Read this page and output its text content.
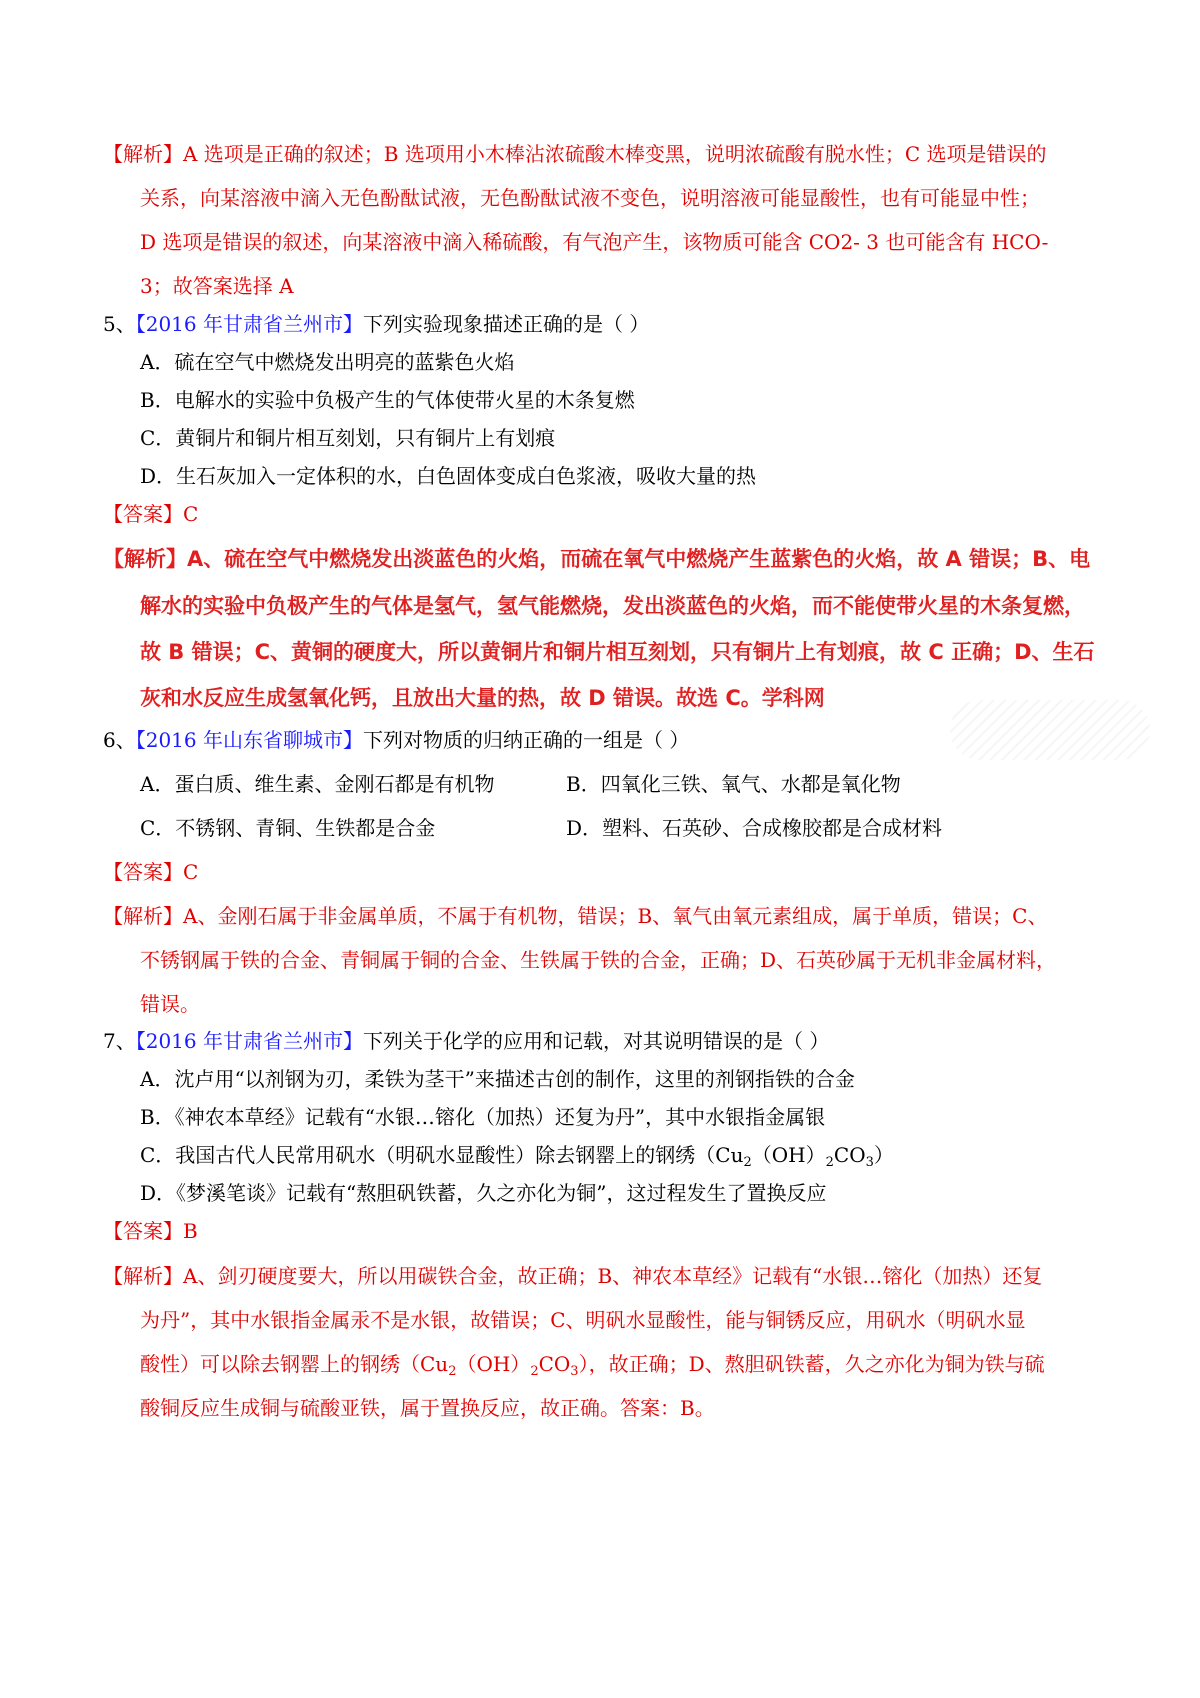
【解析】A 选项是正确的叙述；B 选项用小木棒沾浓硫酸木棒变黑，说明浓硫酸有脱水性；C 选项是错误的
关系，向某溶液中滴入无色酚酞试液，无色酚酞试液不变色，说明溶液可能显酸性，也有可能显中性；
D 选项是错误的叙述，向某溶液中滴入稀硫酸，有气泡产生，该物质可能含 CO2- 3 也可能含有 HCO-
3；故答案选择 A
5、【2016 年甘肃省兰州市】下列实验现象描述正确的是（ ）
A．硫在空气中燃烧发出明亮的蓝紫色火焰
B．电解水的实验中负极产生的气体使带火星的木条复燃
C．黄铜片和铜片相互刻划，只有铜片上有划痕
D．生石灰加入一定体积的水，白色固体变成白色浆液，吸收大量的热
【答案】C
【解析】A、硫在空气中燃烧发出淡蓝色的火焰，而硫在氧气中燃烧产生蓝紫色的火焰，故 A 错误；B、电
解水的实验中负极产生的气体是氢气，氢气能燃烧，发出淡蓝色的火焰，而不能使带火星的木条复燃，
故 B 错误；C、黄铜的硬度大，所以黄铜片和铜片相互刻划，只有铜片上有划痕，故 C 正确；D、生石
灰和水反应生成氢氧化钙，且放出大量的热，故 D 错误。故选 C。学科网
6、【2016 年山东省聊城市】下列对物质的归纳正确的一组是（ ）
A．蛋白质、维生素、金刚石都是有机物	B．四氧化三铁、氧气、水都是氧化物
C．不锈钢、青铜、生铁都是合金	D．塑料、石英砂、合成橡胶都是合成材料
【答案】C
【解析】A、金刚石属于非金属单质，不属于有机物，错误；B、氧气由氧元素组成，属于单质，错误；C、
不锈钢属于铁的合金、青铜属于铜的合金、生铁属于铁的合金，正确；D、石英砂属于无机非金属材料，
错误。
7、【2016 年甘肃省兰州市】下列关于化学的应用和记载，对其说明错误的是（ ）
A．沈卢用“以剂钢为刃，柔铁为茎干”来描述古创的制作，这里的剂钢指铁的合金
B．《神农本草经》记载有“水银…镕化（加热）还复为丹”，其中水银指金属银
C．我国古代人民常用矾水（明矾水显酸性）除去钢罂上的钢绣$(Cu_2(OH)_2CO_3)$
D．《梦溪笔谈》记载有“熬胆矾铁蓄，久之亦化为铜”，这过程发生了置换反应
【答案】B
【解析】A、剑刃硬度要大，所以用碳铁合金，故正确；B、神农本草经》记载有“水银…镕化（加热）还复
为丹”，其中水银指金属汞不是水银，故错误；C、明矾水显酸性，能与铜锈反应，用矾水（明矾水显
酸性）可以除去钢罂上的钢绣$(Cu_2(OH)_2CO_3)$，故正确；D、熬胆矾铁蓄，久之亦化为铜为铁与硫
酸铜反应生成铜与硫酸亚铁，属于置换反应，故正确。答案：B。
